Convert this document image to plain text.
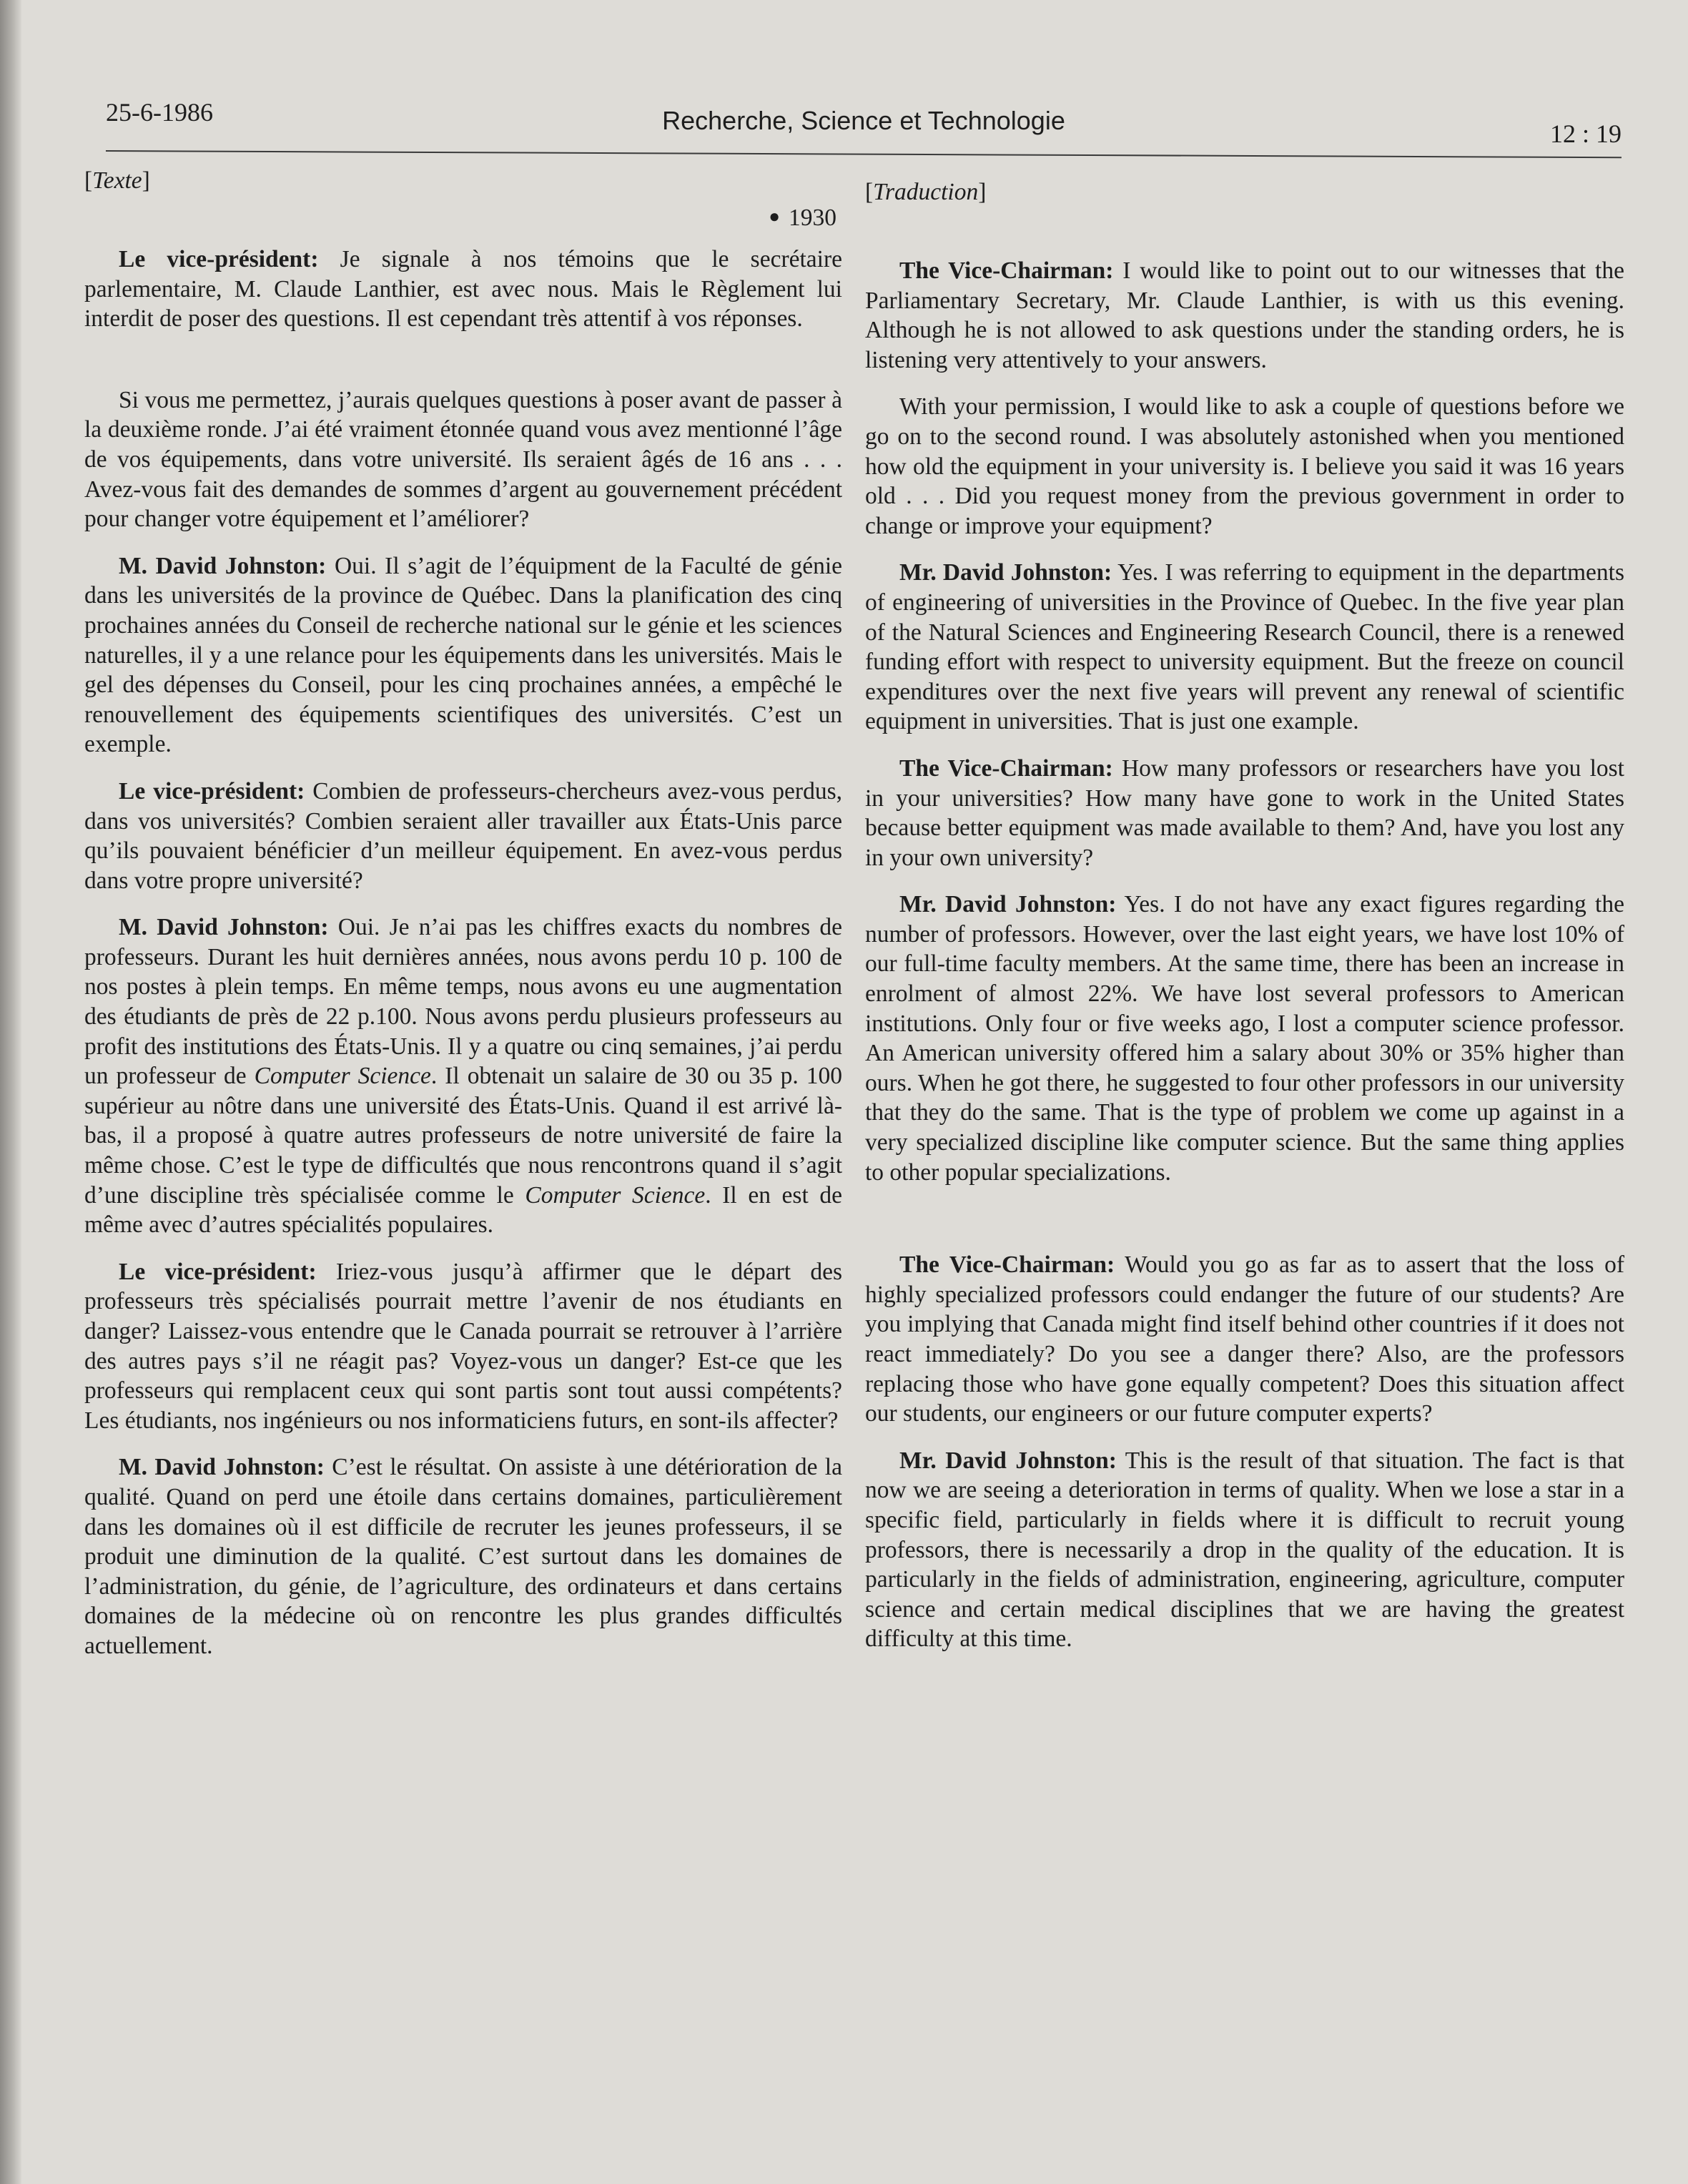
25-6-1986	Recherche, Science et Technologie	12 : 19

[Texte]

● 1930

Le vice-président: Je signale à nos témoins que le secrétaire parlementaire, M. Claude Lanthier, est avec nous. Mais le Règlement lui interdit de poser des questions. Il est cependant très attentif à vos réponses.

Si vous me permettez, j’aurais quelques questions à poser avant de passer à la deuxième ronde. J’ai été vraiment étonnée quand vous avez mentionné l’âge de vos équipements, dans votre université. Ils seraient âgés de 16 ans . . . Avez-vous fait des demandes de sommes d’argent au gouvernement précédent pour changer votre équipement et l’améliorer?

M. David Johnston: Oui. Il s’agit de l’équipment de la Faculté de génie dans les universités de la province de Québec. Dans la planification des cinq prochaines années du Conseil de recherche national sur le génie et les sciences naturelles, il y a une relance pour les équipements dans les universités. Mais le gel des dépenses du Conseil, pour les cinq prochaines années, a empêché le renouvellement des équipements scientifiques des universités. C’est un exemple.

Le vice-président: Combien de professeurs-chercheurs avez-vous perdus, dans vos universités? Combien seraient aller travailler aux États-Unis parce qu’ils pouvaient bénéficier d’un meilleur équipement. En avez-vous perdus dans votre propre université?

M. David Johnston: Oui. Je n’ai pas les chiffres exacts du nombres de professeurs. Durant les huit dernières années, nous avons perdu 10 p. 100 de nos postes à plein temps. En même temps, nous avons eu une augmentation des étudiants de près de 22 p.100. Nous avons perdu plusieurs professeurs au profit des institutions des États-Unis. Il y a quatre ou cinq semaines, j’ai perdu un professeur de Computer Science. Il obtenait un salaire de 30 ou 35 p. 100 supérieur au nôtre dans une université des États-Unis. Quand il est arrivé là-bas, il a proposé à quatre autres professeurs de notre université de faire la même chose. C’est le type de difficultés que nous rencontrons quand il s’agit d’une discipline très spécialisée comme le Computer Science. Il en est de même avec d’autres spécialités populaires.

Le vice-président: Iriez-vous jusqu’à affirmer que le départ des professeurs très spécialisés pourrait mettre l’avenir de nos étudiants en danger? Laissez-vous entendre que le Canada pourrait se retrouver à l’arrière des autres pays s’il ne réagit pas? Voyez-vous un danger? Est-ce que les professeurs qui remplacent ceux qui sont partis sont tout aussi compétents? Les étudiants, nos ingénieurs ou nos informaticiens futurs, en sont-ils affecter?

M. David Johnston: C’est le résultat. On assiste à une détérioration de la qualité. Quand on perd une étoile dans certains domaines, particulièrement dans les domaines où il est difficile de recruter les jeunes professeurs, il se produit une diminution de la qualité. C’est surtout dans les domaines de l’administration, du génie, de l’agriculture, des ordinateurs et dans certains domaines de la médecine où on rencontre les plus grandes difficultés actuellement.

[Traduction]

The Vice-Chairman: I would like to point out to our witnesses that the Parliamentary Secretary, Mr. Claude Lanthier, is with us this evening. Although he is not allowed to ask questions under the standing orders, he is listening very attentively to your answers.

With your permission, I would like to ask a couple of questions before we go on to the second round. I was absolutely astonished when you mentioned how old the equipment in your university is. I believe you said it was 16 years old . . . Did you request money from the previous government in order to change or improve your equipment?

Mr. David Johnston: Yes. I was referring to equipment in the departments of engineering of universities in the Province of Quebec. In the five year plan of the Natural Sciences and Engineering Research Council, there is a renewed funding effort with respect to university equipment. But the freeze on council expenditures over the next five years will prevent any renewal of scientific equipment in universities. That is just one example.

The Vice-Chairman: How many professors or researchers have you lost in your universities? How many have gone to work in the United States because better equipment was made available to them? And, have you lost any in your own university?

Mr. David Johnston: Yes. I do not have any exact figures regarding the number of professors. However, over the last eight years, we have lost 10% of our full-time faculty members. At the same time, there has been an increase in enrolment of almost 22%. We have lost several professors to American institutions. Only four or five weeks ago, I lost a computer science professor. An American university offered him a salary about 30% or 35% higher than ours. When he got there, he suggested to four other professors in our university that they do the same. That is the type of problem we come up against in a very specialized discipline like computer science. But the same thing applies to other popular specializations.

The Vice-Chairman: Would you go as far as to assert that the loss of highly specialized professors could endanger the future of our students? Are you implying that Canada might find itself behind other countries if it does not react immediately? Do you see a danger there? Also, are the professors replacing those who have gone equally competent? Does this situation affect our students, our engineers or our future computer experts?

Mr. David Johnston: This is the result of that situation. The fact is that now we are seeing a deterioration in terms of quality. When we lose a star in a specific field, particularly in fields where it is difficult to recruit young professors, there is necessarily a drop in the quality of the education. It is particularly in the fields of administration, engineering, agriculture, computer science and certain medical disciplines that we are having the greatest difficulty at this time.
